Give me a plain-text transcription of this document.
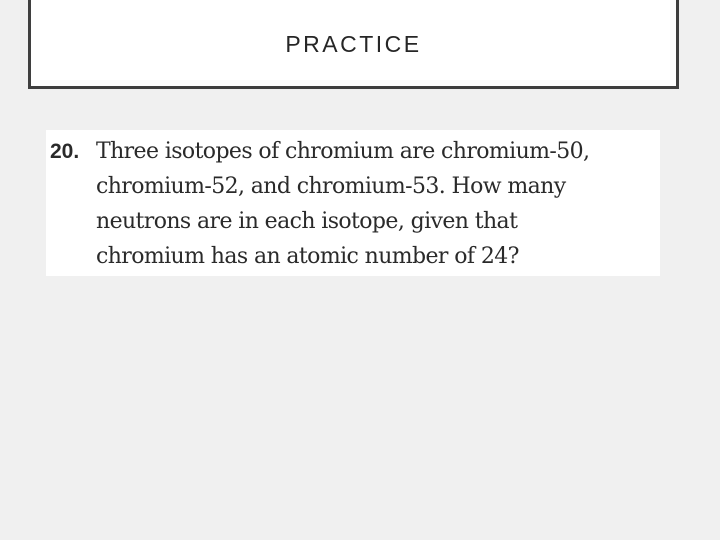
PRACTICE
20. Three isotopes of chromium are chromium-50,
chromium-52, and chromium-53. How many
neutrons are in each isotope, given that
chromium has an atomic number of 24?
